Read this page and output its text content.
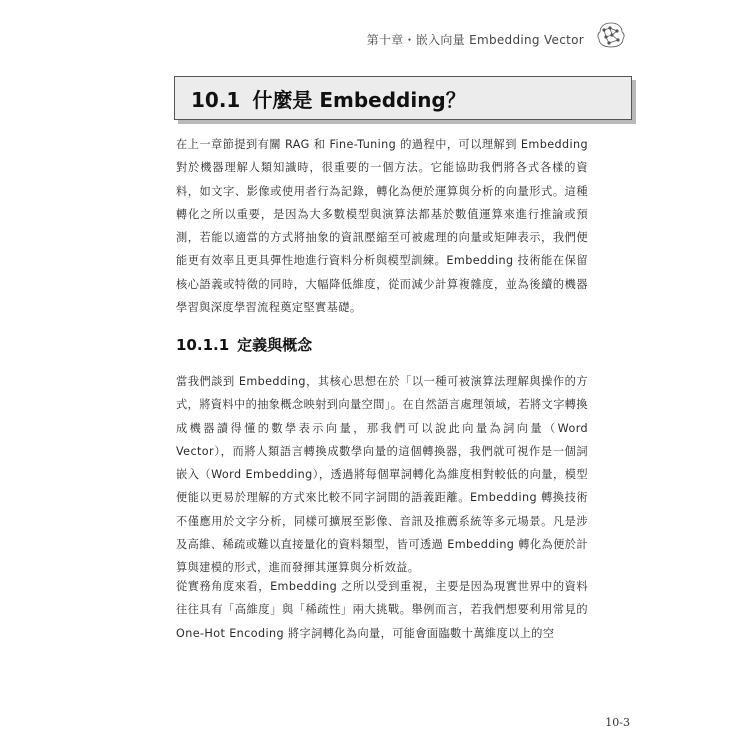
第十章・嵌入向量 Embedding Vector
10.1 什麼是 Embedding？

在上一章節提到有關 RAG 和 Fine-Tuning 的過程中，可以理解到 Embedding 對於機器理解人類知識時，很重要的一個方法。它能協助我們將各式各樣的資料，如文字、影像或使用者行為記錄，轉化為便於運算與分析的向量形式。這種轉化之所以重要，是因為大多數模型與演算法都基於數值運算來進行推論或預測，若能以適當的方式將抽象的資訊壓縮至可被處理的向量或矩陣表示，我們便能更有效率且更具彈性地進行資料分析與模型訓練。Embedding 技術能在保留核心語義或特徵的同時，大幅降低維度，從而減少計算複雜度，並為後續的機器學習與深度學習流程奠定堅實基礎。

10.1.1 定義與概念

當我們談到 Embedding，其核心思想在於「以一種可被演算法理解與操作的方式，將資料中的抽象概念映射到向量空間」。在自然語言處理領域，若將文字轉換成機器讀得懂的數學表示向量，那我們可以說此向量為詞向量（Word Vector），而將人類語言轉換成數學向量的這個轉換器，我們就可視作是一個詞嵌入（Word Embedding），透過將每個單詞轉化為維度相對較低的向量，模型便能以更易於理解的方式來比較不同字詞間的語義距離。Embedding 轉換技術不僅應用於文字分析，同樣可擴展至影像、音訊及推薦系統等多元場景。凡是涉及高維、稀疏或難以直接量化的資料類型，皆可透過 Embedding 轉化為便於計算與建模的形式，進而發揮其運算與分析效益。

從實務角度來看，Embedding 之所以受到重視，主要是因為現實世界中的資料往往具有「高維度」與「稀疏性」兩大挑戰。舉例而言，若我們想要利用常見的 One-Hot Encoding 將字詞轉化為向量，可能會面臨數十萬維度以上的空

10-3
